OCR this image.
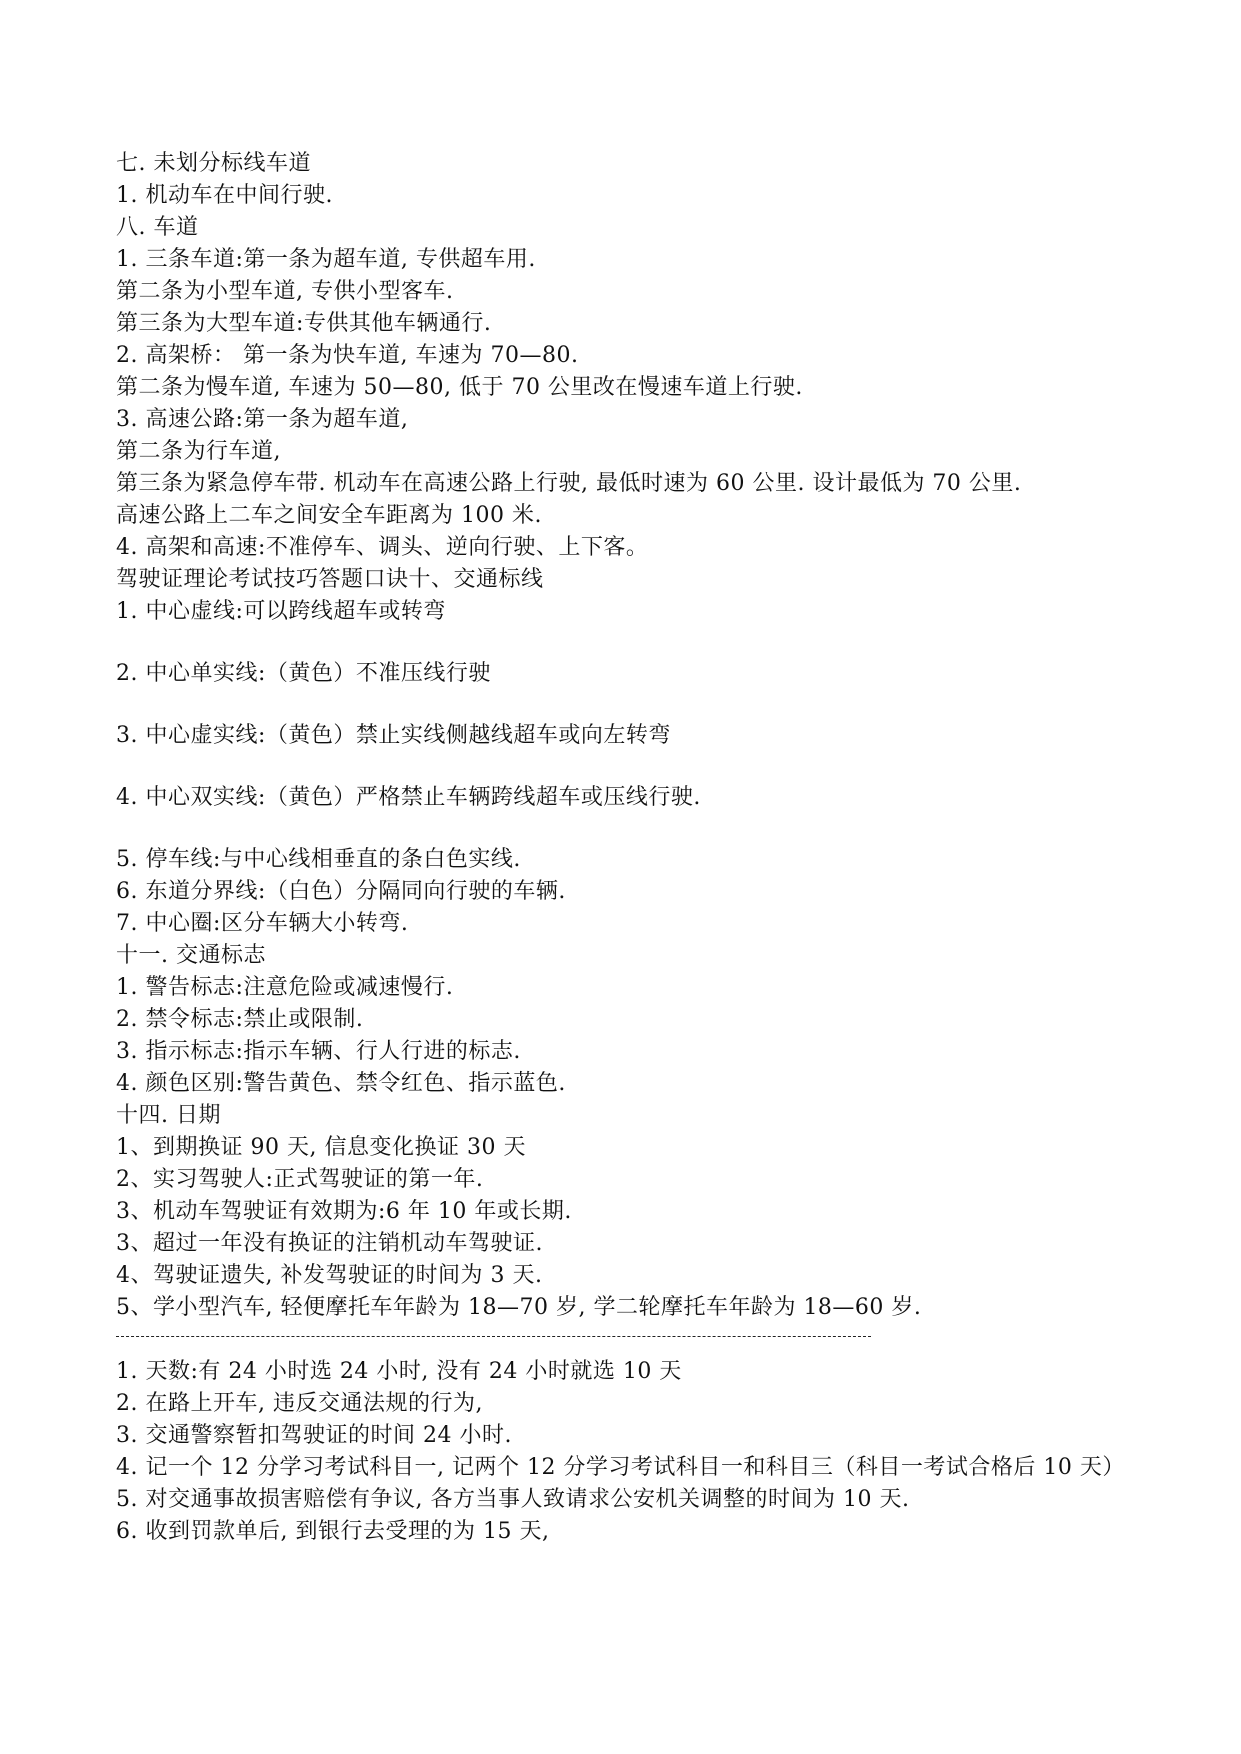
七. 未划分标线车道
1. 机动车在中间行驶.
八. 车道
1. 三条车道:第一条为超车道, 专供超车用.
第二条为小型车道, 专供小型客车.
第三条为大型车道:专供其他车辆通行.
2. 高架桥： 第一条为快车道, 车速为 70—80.
第二条为慢车道, 车速为 50—80, 低于 70 公里改在慢速车道上行驶.
3. 高速公路:第一条为超车道,
第二条为行车道,
第三条为紧急停车带. 机动车在高速公路上行驶, 最低时速为 60 公里. 设计最低为 70 公里.
高速公路上二车之间安全车距离为 100 米.
4. 高架和高速:不准停车、调头、逆向行驶、上下客。
驾驶证理论考试技巧答题口诀十、交通标线
1. 中心虚线:可以跨线超车或转弯
2. 中心单实线:（黄色）不准压线行驶
3. 中心虚实线:（黄色）禁止实线侧越线超车或向左转弯
4. 中心双实线:（黄色）严格禁止车辆跨线超车或压线行驶.
5. 停车线:与中心线相垂直的条白色实线.
6. 东道分界线:（白色）分隔同向行驶的车辆.
7. 中心圈:区分车辆大小转弯.
十一. 交通标志
1. 警告标志:注意危险或减速慢行.
2. 禁令标志:禁止或限制.
3. 指示标志:指示车辆、行人行进的标志.
4. 颜色区别:警告黄色、禁令红色、指示蓝色.
十四. 日期
1、到期换证 90 天, 信息变化换证 30 天
2、实习驾驶人:正式驾驶证的第一年.
3、机动车驾驶证有效期为:6 年 10 年或长期.
3、超过一年没有换证的注销机动车驾驶证.
4、驾驶证遗失, 补发驾驶证的时间为 3 天.
5、学小型汽车, 轻便摩托车年龄为 18—70 岁, 学二轮摩托车年龄为 18—60 岁.
1. 天数:有 24 小时选 24 小时, 没有 24 小时就选 10 天
2. 在路上开车, 违反交通法规的行为,
3. 交通警察暂扣驾驶证的时间 24 小时.
4. 记一个 12 分学习考试科目一, 记两个 12 分学习考试科目一和科目三（科目一考试合格后 10 天）
5. 对交通事故损害赔偿有争议, 各方当事人致请求公安机关调整的时间为 10 天.
6. 收到罚款单后, 到银行去受理的为 15 天,
